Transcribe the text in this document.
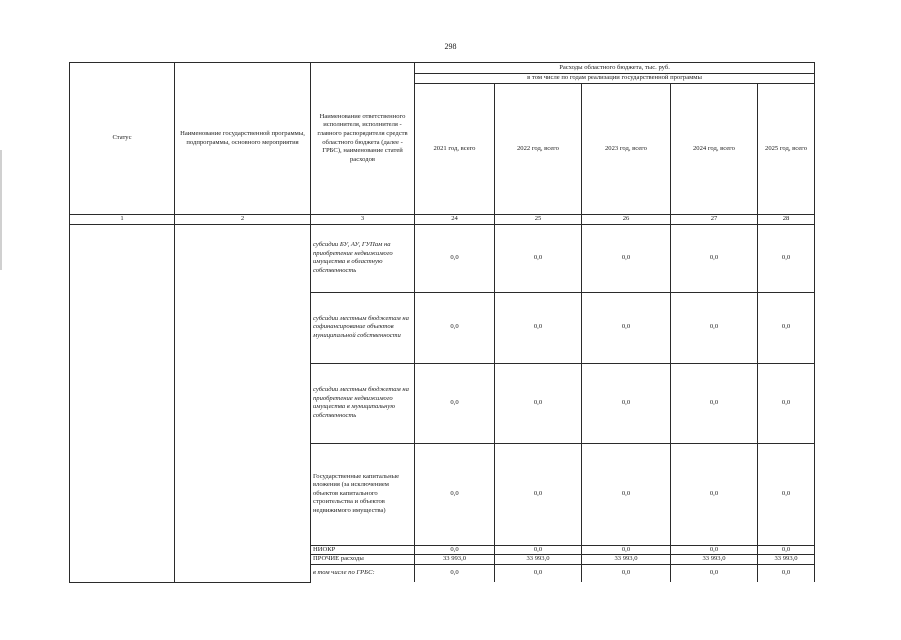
298
Статус	Наименование государственной программы, подпрограммы, основного мероприятия	Наименование ответственного исполнителя, исполнителя - главного распорядителя средств областного бюджета (далее - ГРБС), наименование статей расходов	Расходы областного бюджета, тыс. руб.				
			в том числе по годам реализации государственной программы				
			2021 год, всего	2022 год, всего	2023 год, всего	2024 год, всего	2025 год, всего
1	2	3	24	25	26	27	28
		субсидии БУ, АУ, ГУПам на приобретение недвижимого имущества в областную собственность	0,0	0,0	0,0	0,0	0,0
		субсидии местным бюджетам на софинансирование объектов муниципальной собственности	0,0	0,0	0,0	0,0	0,0
		субсидии местным бюджетам на приобретение недвижимого имущества в муниципальную собственность	0,0	0,0	0,0	0,0	0,0
		Государственные капитальные вложения (за исключением объектов капитального строительства и объектов недвижимого имущества)	0,0	0,0	0,0	0,0	0,0
		НИОКР	0,0	0,0	0,0	0,0	0,0
		ПРОЧИЕ расходы	33 993,0	33 993,0	33 993,0	33 993,0	33 993,0
		в том числе по ГРБС:	0,0	0,0	0,0	0,0	0,0
